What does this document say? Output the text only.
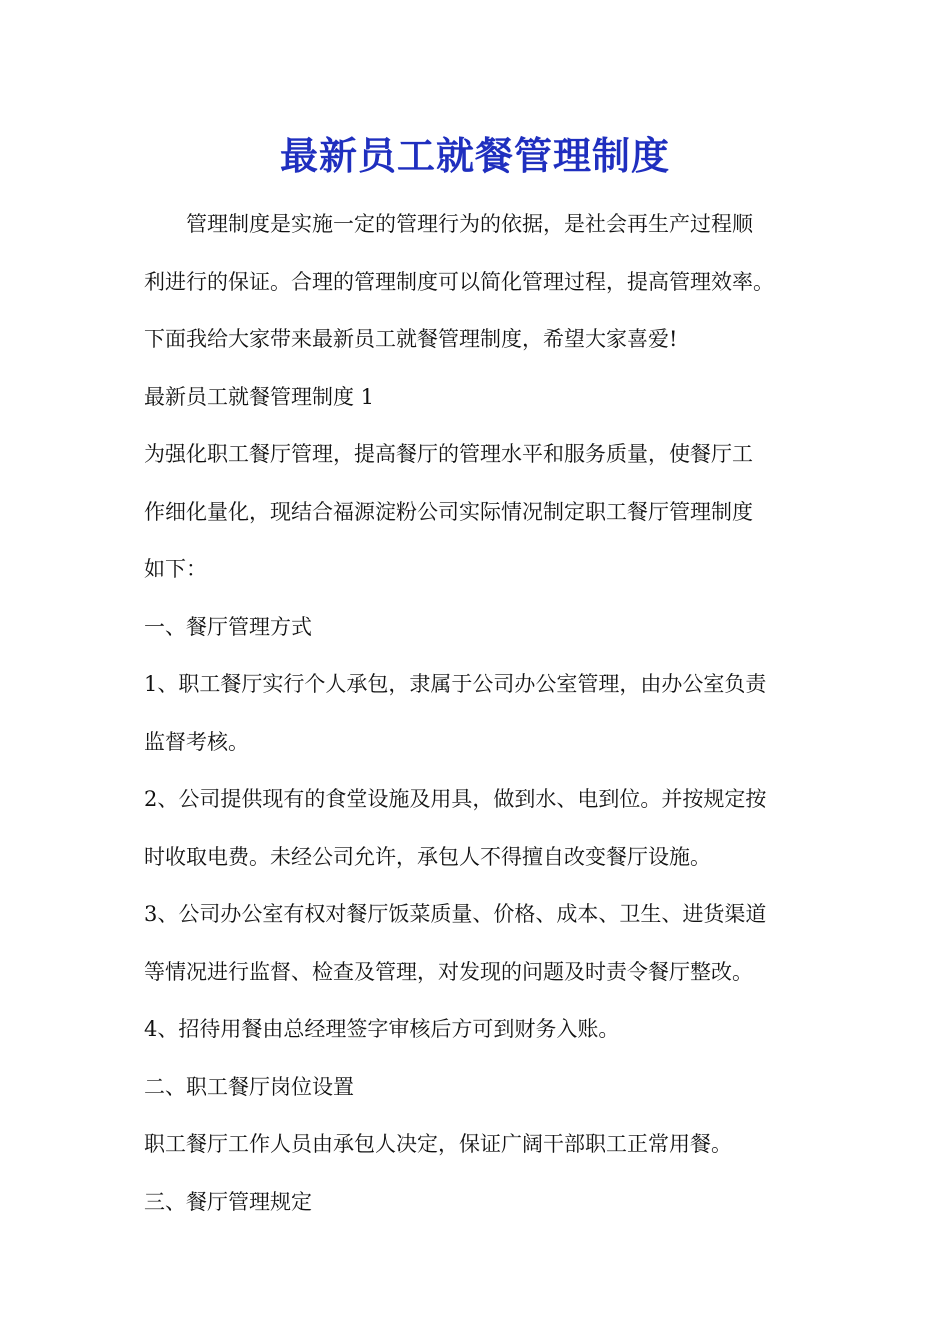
最新员工就餐管理制度
管理制度是实施一定的管理行为的依据，是社会再生产过程顺
利进行的保证。合理的管理制度可以简化管理过程，提高管理效率。
下面我给大家带来最新员工就餐管理制度，希望大家喜爱!
最新员工就餐管理制度 1
为强化职工餐厅管理，提高餐厅的管理水平和服务质量，使餐厅工
作细化量化，现结合福源淀粉公司实际情况制定职工餐厅管理制度
如下：
一、餐厅管理方式
1、职工餐厅实行个人承包，隶属于公司办公室管理，由办公室负责
监督考核。
2、公司提供现有的食堂设施及用具，做到水、电到位。并按规定按
时收取电费。未经公司允许，承包人不得擅自改变餐厅设施。
3、公司办公室有权对餐厅饭菜质量、价格、成本、卫生、进货渠道
等情况进行监督、检查及管理，对发现的问题及时责令餐厅整改。
4、招待用餐由总经理签字审核后方可到财务入账。
二、职工餐厅岗位设置
职工餐厅工作人员由承包人决定，保证广阔干部职工正常用餐。
三、餐厅管理规定
